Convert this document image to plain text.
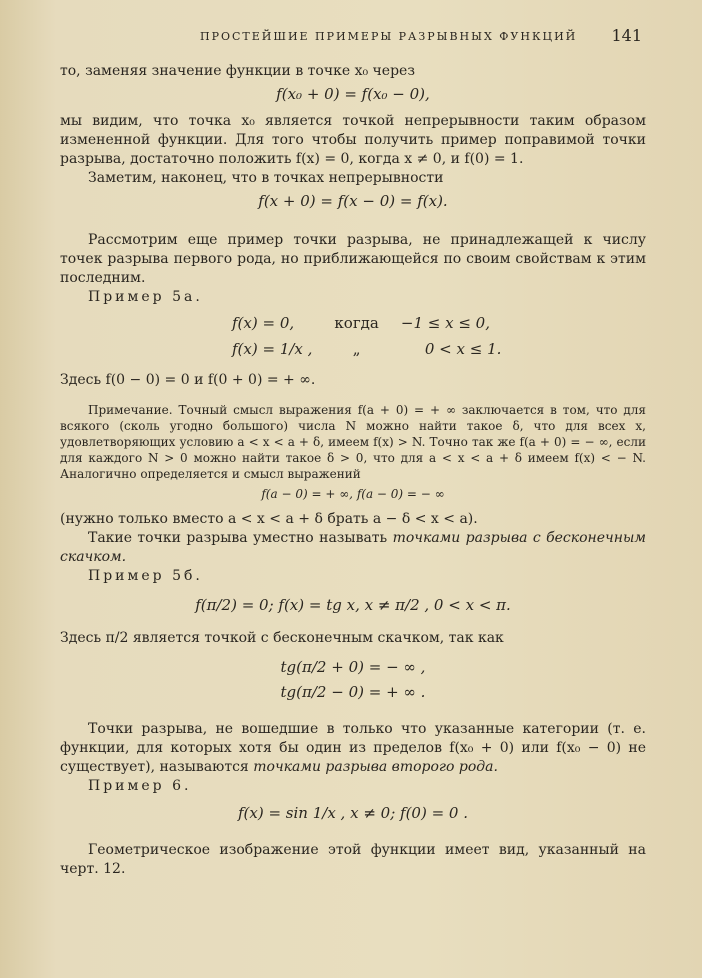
ПРОСТЕЙШИЕ ПРИМЕРЫ РАЗРЫВНЫХ ФУНКЦИЙ 141

то, заменяя значение функции в точке x₀ через

f(x₀ + 0) = f(x₀ − 0),

мы видим, что точка x₀ является точкой непрерывности таким образом измененной функции. Для того чтобы получить пример поправимой точки разрыва, достаточно положить f(x) = 0, когда x ≠ 0, и f(0) = 1.

Заметим, наконец, что в точках непрерывности

f(x + 0) = f(x − 0) = f(x).

Рассмотрим еще пример точки разрыва, не принадлежащей к числу точек разрыва первого рода, но приближающейся по своим свойствам к этим последним.

Пример 5а.

f(x) = 0,	когда	−1 ≤ x ≤ 0,
f(x) = 1/x ,	„	0 < x ≤ 1.

Здесь f(0 − 0) = 0 и f(0 + 0) = + ∞.

Примечание. Точный смысл выражения f(a + 0) = + ∞ заключается в том, что для всякого (сколь угодно большого) числа N можно найти такое δ, что для всех x, удовлетворяющих условию a < x < a + δ, имеем f(x) > N. Точно так же f(a + 0) = − ∞, если для каждого N > 0 можно найти такое δ > 0, что для a < x < a + δ имеем f(x) < − N. Аналогично определяется и смысл выражений

f(a − 0) = + ∞, f(a − 0) = − ∞

(нужно только вместо a < x < a + δ брать a − δ < x < a).

Такие точки разрыва уместно называть точками разрыва с бесконечным скачком.

Пример 5б.

f(π/2) = 0; f(x) = tg x, x ≠ π/2 , 0 < x < π.

Здесь π/2 является точкой с бесконечным скачком, так как

tg(π/2 + 0) = − ∞ ,
tg(π/2 − 0) = + ∞ .

Точки разрыва, не вошедшие в только что указанные категории (т. е. функции, для которых хотя бы один из пределов f(x₀ + 0) или f(x₀ − 0) не существует), называются точками разрыва второго рода.

Пример 6.

f(x) = sin 1/x , x ≠ 0; f(0) = 0 .

Геометрическое изображение этой функции имеет вид, указанный на черт. 12.
